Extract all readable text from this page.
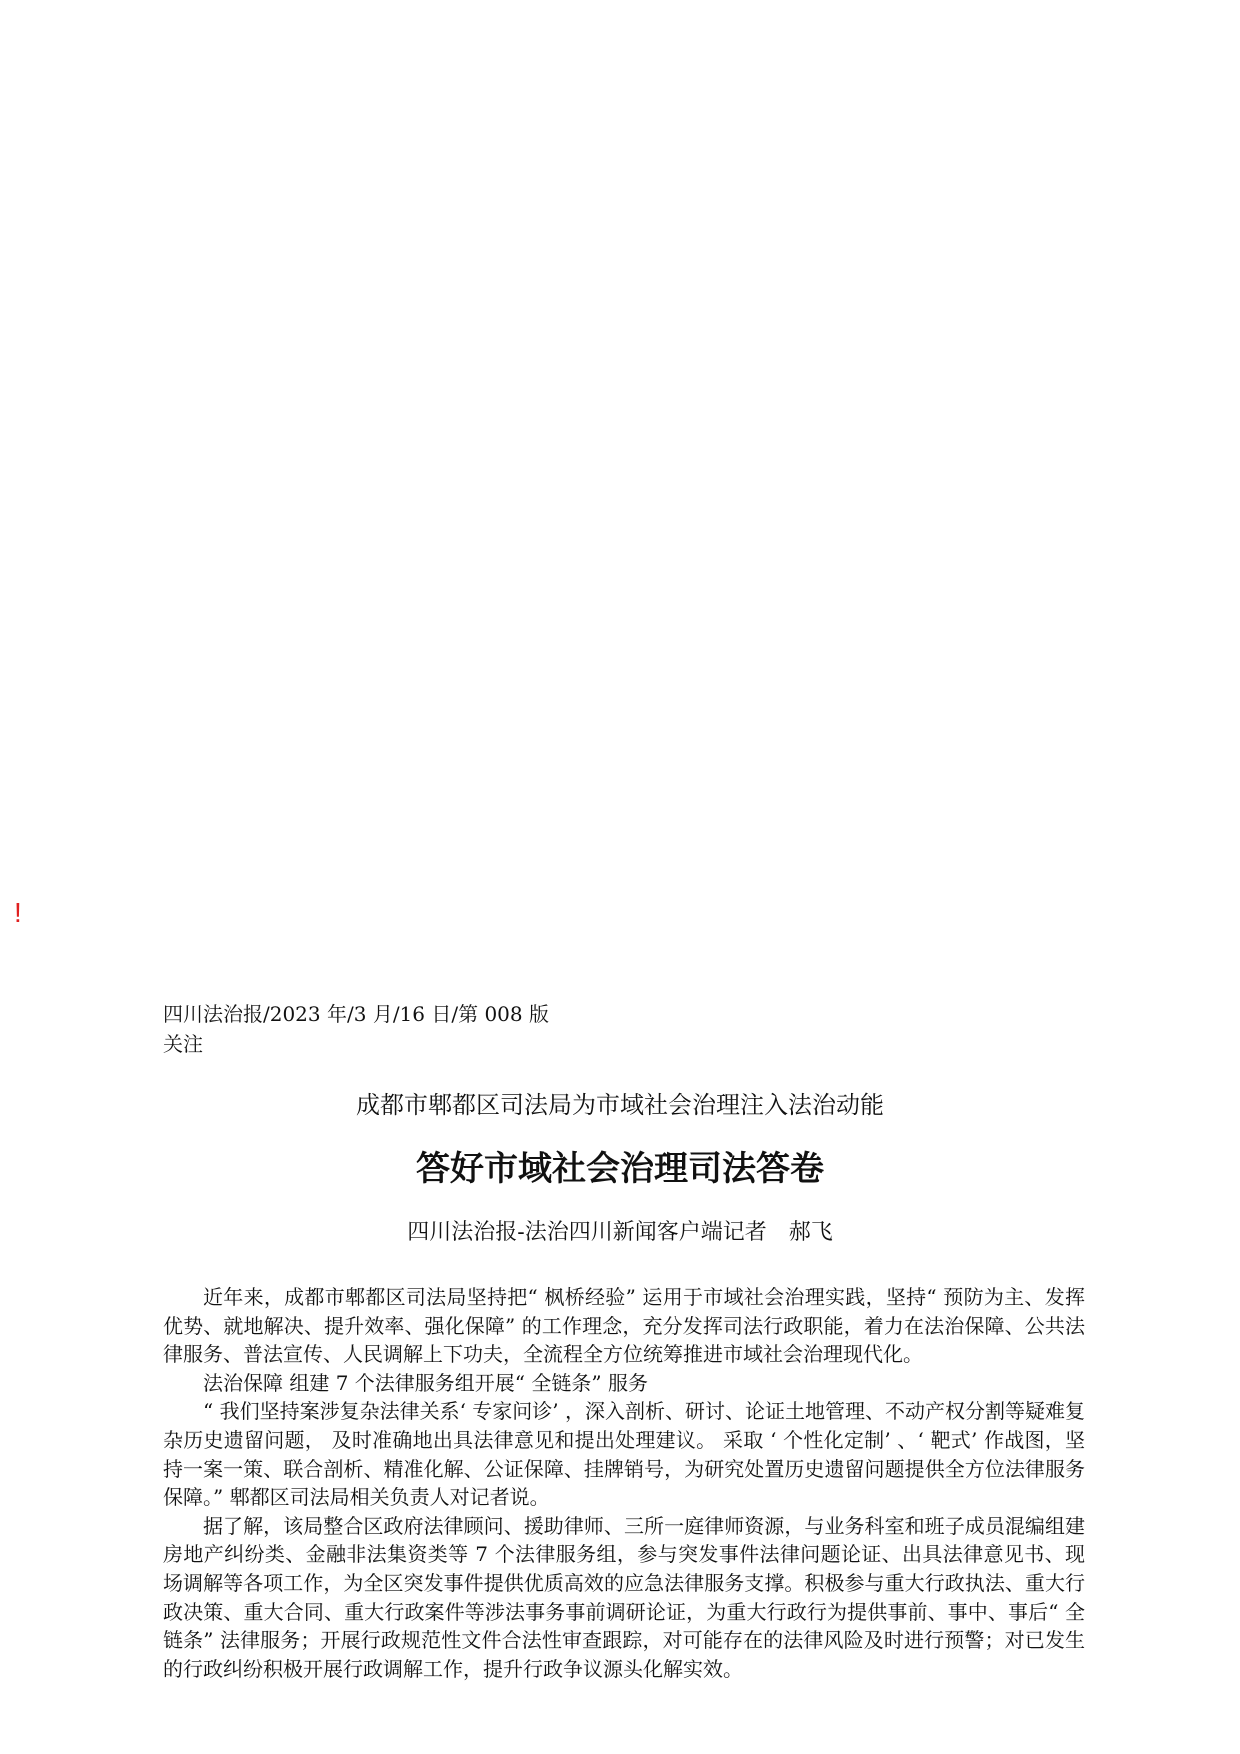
!
四川法治报/2023 年/3 月/16 日/第 008 版关注
成都市郫都区司法局为市域社会治理注入法治动能
答好市域社会治理司法答卷
四川法治报-法治四川新闻客户端记者　郝飞

近年来，成都市郫都区司法局坚持把“ 枫桥经验” 运用于市域社会治理实践，坚持“ 预防为主、发挥优势、就地解决、提升效率、强化保障” 的工作理念，充分发挥司法行政职能，着力在法治保障、公共法律服务、普法宣传、人民调解上下功夫，全流程全方位统筹推进市域社会治理现代化。

法治保障 组建 7 个法律服务组开展“ 全链条” 服务

“ 我们坚持案涉复杂法律关系‘ 专家问诊’ ，深入剖析、研讨、论证土地管理、不动产权分割等疑难复杂历史遗留问题， 及时准确地出具法律意见和提出处理建议。 采取 ‘ 个性化定制’ 、‘ 靶式’ 作战图，坚持一案一策、联合剖析、精准化解、公证保障、挂牌销号，为研究处置历史遗留问题提供全方位法律服务保障。” 郫都区司法局相关负责人对记者说。

据了解，该局整合区政府法律顾问、援助律师、三所一庭律师资源，与业务科室和班子成员混编组建房地产纠纷类、金融非法集资类等 7 个法律服务组，参与突发事件法律问题论证、出具法律意见书、现场调解等各项工作，为全区突发事件提供优质高效的应急法律服务支撑。积极参与重大行政执法、重大行政决策、重大合同、重大行政案件等涉法事务事前调研论证，为重大行政行为提供事前、事中、事后“ 全链条” 法律服务；开展行政规范性文件合法性审查跟踪，对可能存在的法律风险及时进行预警；对已发生的行政纠纷积极开展行政调解工作，提升行政争议源头化解实效。
